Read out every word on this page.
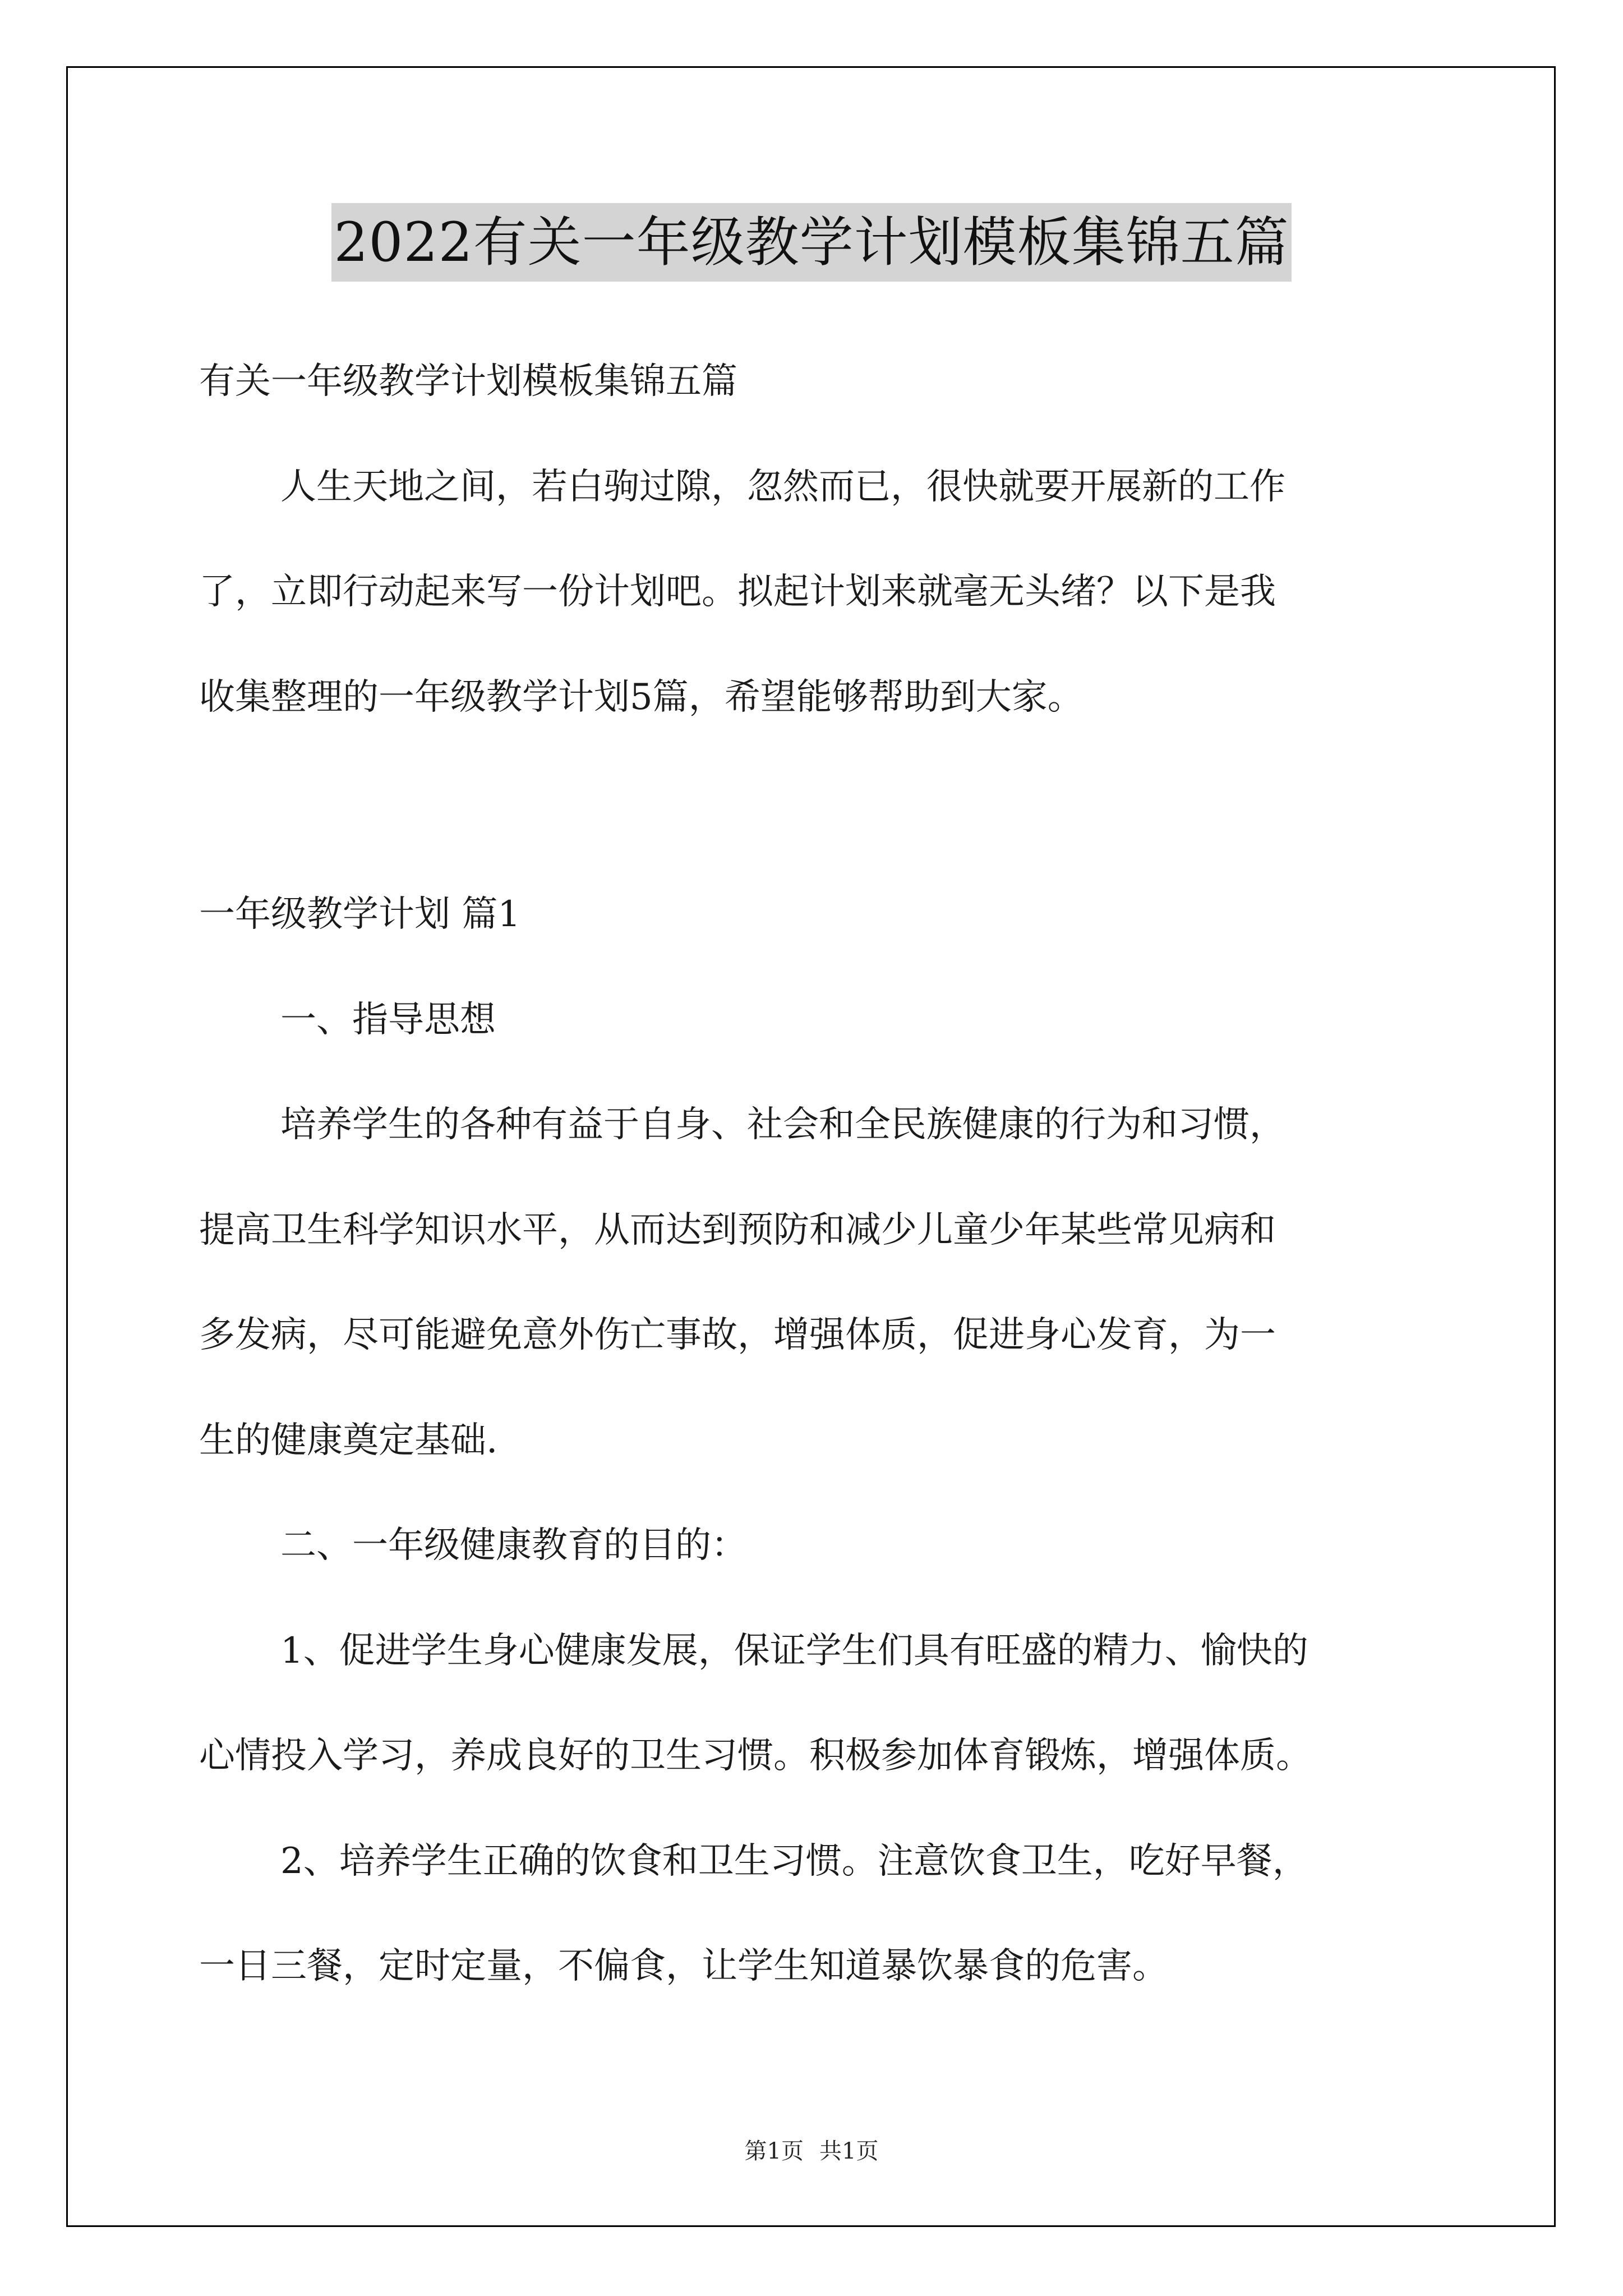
2022有关一年级教学计划模板集锦五篇
有关一年级教学计划模板集锦五篇
人生天地之间，若白驹过隙，忽然而已，很快就要开展新的工作
了，立即行动起来写一份计划吧。拟起计划来就毫无头绪？以下是我
收集整理的一年级教学计划5篇，希望能够帮助到大家。
一年级教学计划 篇1
一、指导思想
培养学生的各种有益于自身、社会和全民族健康的行为和习惯，
提高卫生科学知识水平，从而达到预防和减少儿童少年某些常见病和
多发病，尽可能避免意外伤亡事故，增强体质，促进身心发育，为一
生的健康奠定基础.
二、一年级健康教育的目的：
1、促进学生身心健康发展，保证学生们具有旺盛的精力、愉快的
心情投入学习，养成良好的卫生习惯。积极参加体育锻炼，增强体质。
2、培养学生正确的饮食和卫生习惯。注意饮食卫生，吃好早餐，
一日三餐，定时定量，不偏食，让学生知道暴饮暴食的危害。
第1页 共1页
